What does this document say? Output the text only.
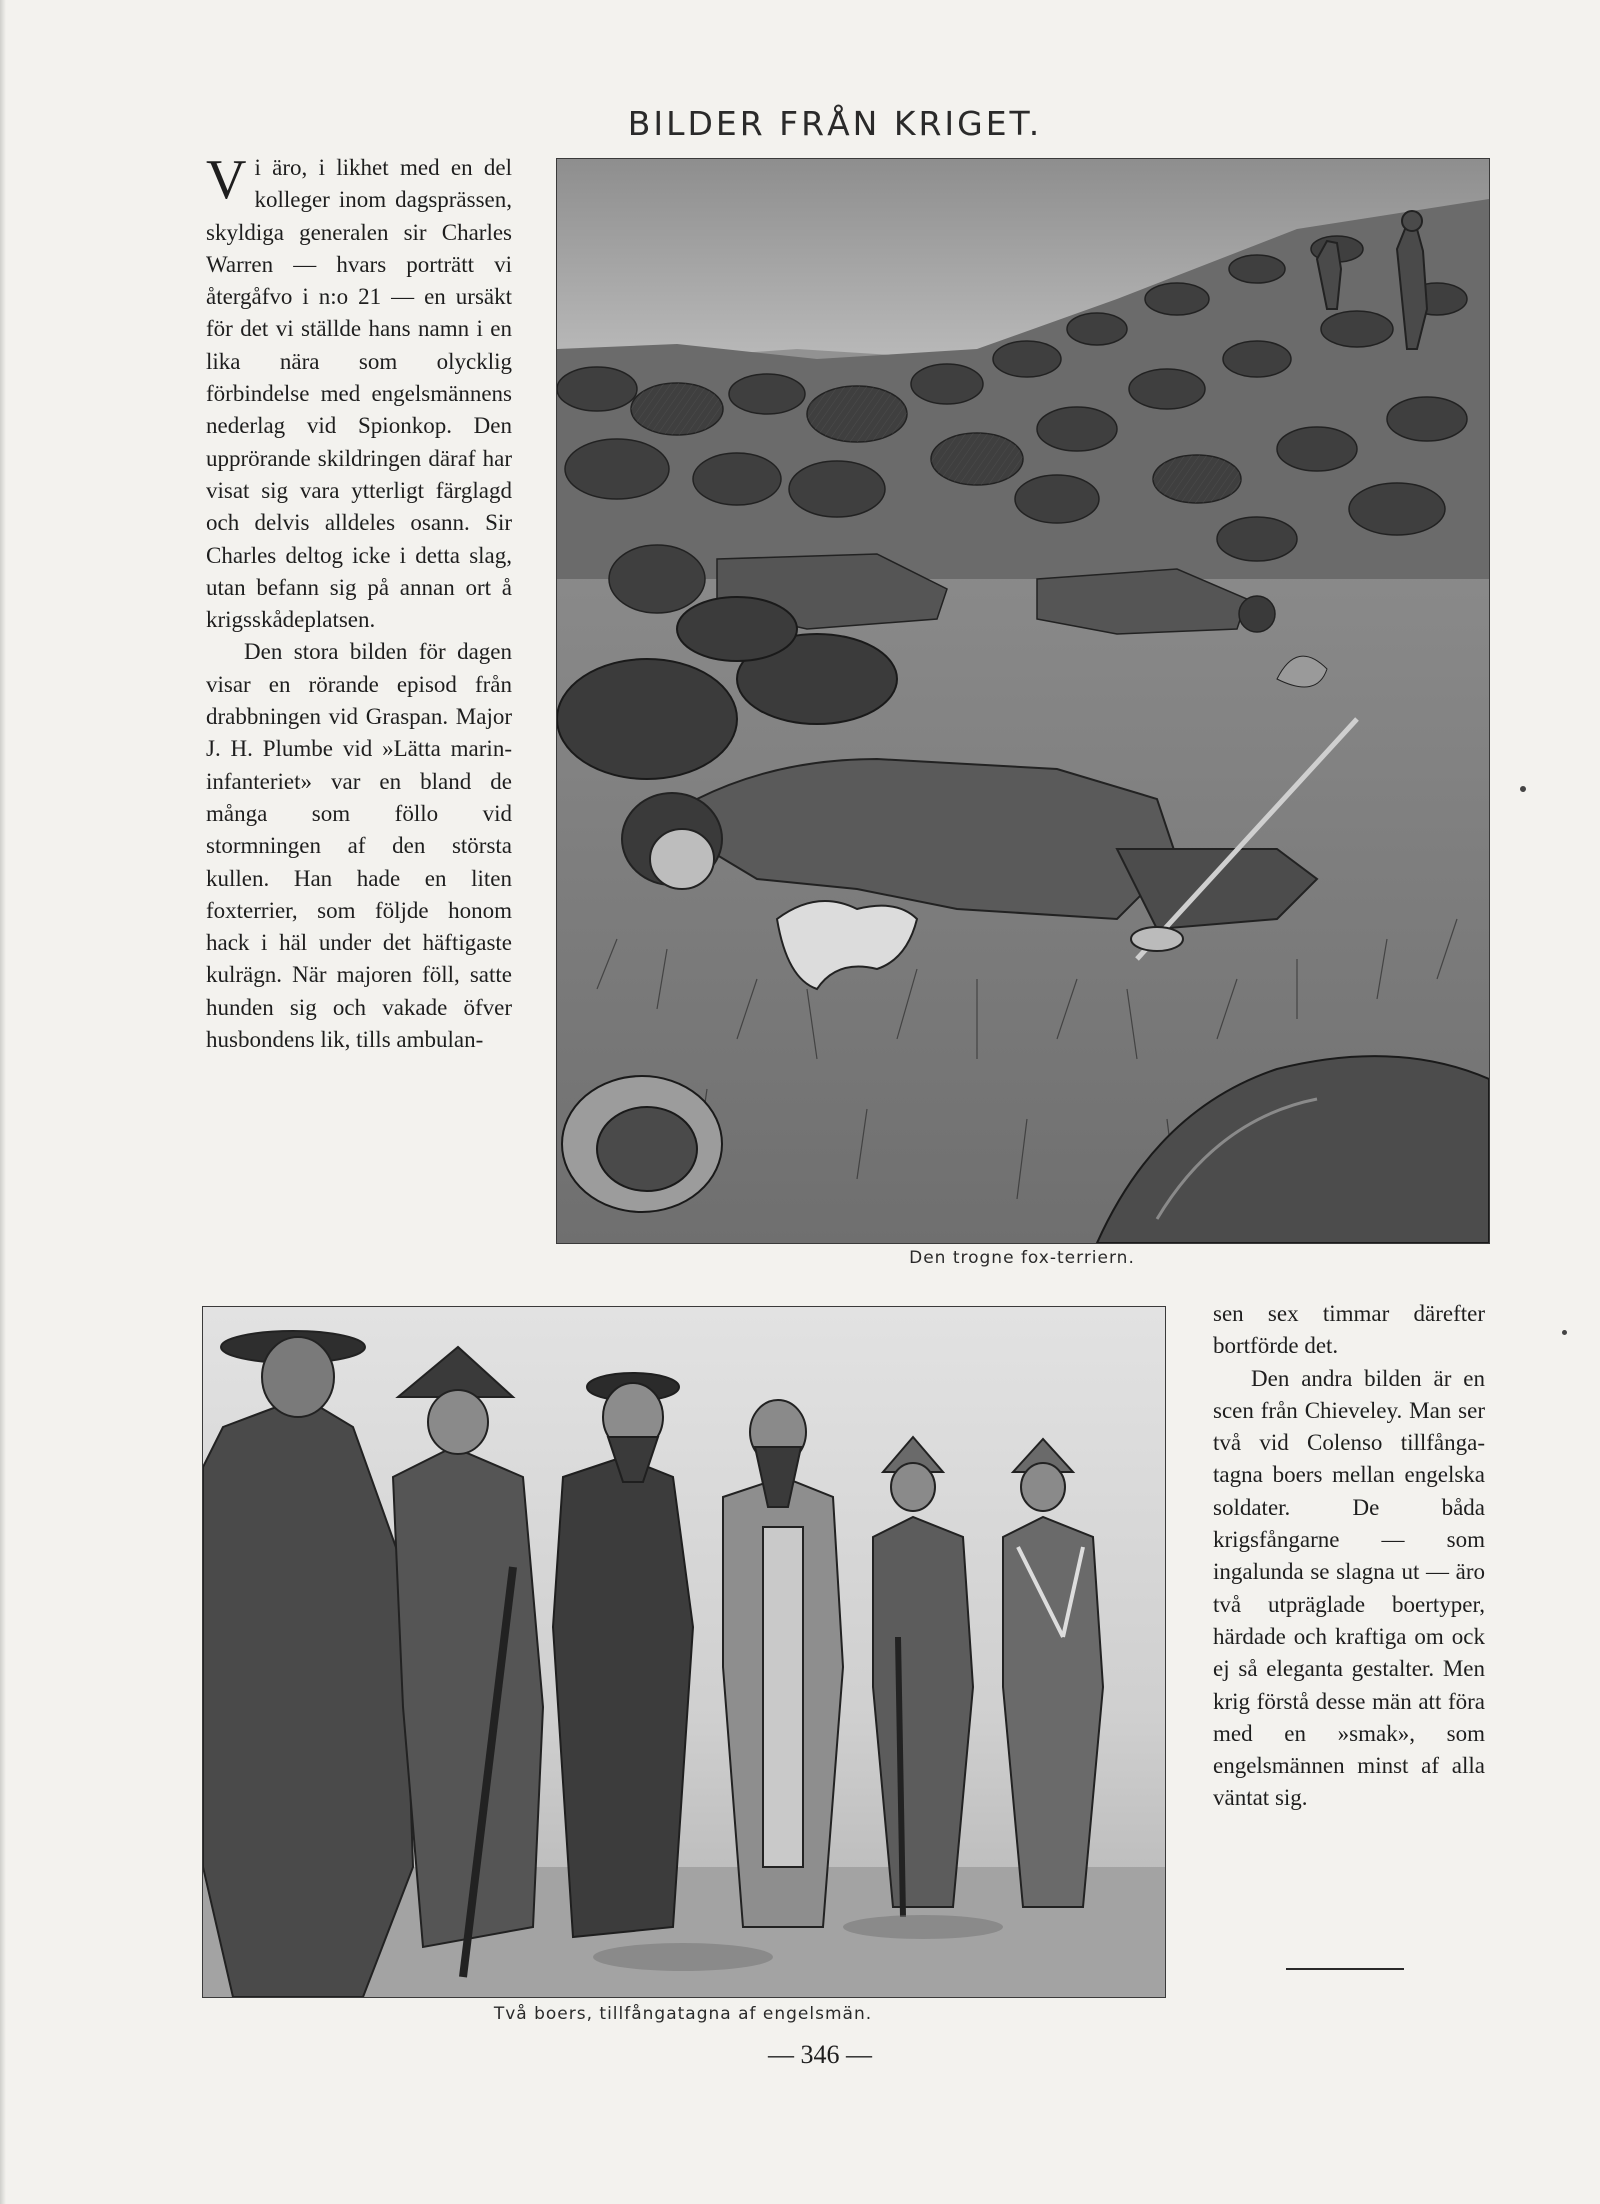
BILDER FRÅN KRIGET.

Vi äro, i likhet med en del kolleger inom dagsprässen, skyldiga generalen sir Charles Warren — hvars porträtt vi återgåfvo i n:o 21 — en ursäkt för det vi ställde hans namn i en lika nära som olycklig förbindelse med engelsmännens nederlag vid Spionkop. Den upprörande skildringen däraf har visat sig vara ytterligt färglagd och delvis alldeles osann. Sir Charles deltog icke i detta slag, utan befann sig på annan ort å krigsskådeplatsen.

Den stora bilden för dagen visar en rörande episod från drabbningen vid Graspan. Major J. H. Plumbe vid »Lätta marininfanteriet» var en bland de många som föllo vid stormningen af den största kullen. Han hade en liten foxterrier, som följde honom hack i häl under det häftigaste kulrägn. När majoren föll, satte hunden sig och vakade öfver husbondens lik, tills ambulan-

Den trogne fox-terriern.
Två boers, tillfångatagna af engelsmän.

sen sex timmar därefter bortförde det.

Den andra bilden är en scen från Chieveley. Man ser två vid Colenso tillfångatagna boers mellan engelska soldater. De båda krigsfångarne — som ingalunda se slagna ut — äro två utpräglade boertyper, härdade och kraftiga om ock ej så eleganta gestalter. Men krig förstå desse män att föra med en »smak», som engelsmännen minst af alla väntat sig.

— 346 —
